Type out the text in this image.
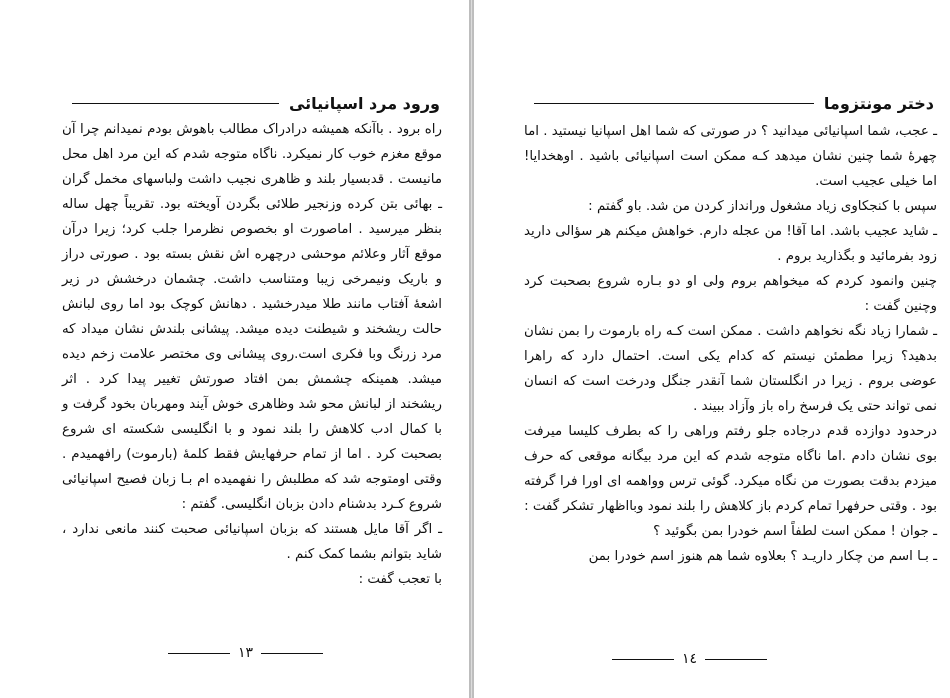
ورود مرد اسپانیائی

راه برود . باآنکه همیشه درادراک مطالب باهوش بودم نمیدانم چرا آن موقع مغزم خوب کار نمیکرد. ناگاه متوجه شدم که این مرد اهل محل مانیست . قدبسیار بلند و ظاهری نجیب داشت ولباسهای مخمل گران ـ بهائی بتن کرده وزنجیر طلائی بگردن آویخته بود. تقریباً چهل ساله بنظر میرسید . اماصورت او بخصوص نظرمرا جلب کرد؛ زیرا درآن موقع آثار وعلائم موحشی درچهره اش نقش بسته بود . صورتی دراز و باریک ونیمرخی زیبا ومتناسب داشت. چشمان درخشش در زیر اشعهٔ آفتاب مانند طلا میدرخشید . دهانش کوچک بود اما روی لبانش حالت ریشخند و شیطنت دیده میشد. پیشانی بلندش نشان میداد که مرد زرنگ وبا فکری است.روی پیشانی وی مختصر علامت زخم دیده میشد. همینکه چشمش بمن افتاد صورتش تغییر پیدا کرد . اثر ریشخند از لبانش محو شد وظاهری خوش آیند ومهربان بخود گرفت و با کمال ادب کلاهش را بلند نمود و با انگلیسی شکسته ای شروع بصحبت کرد . اما از تمام حرفهایش فقط کلمهٔ (بارموت) رافهمیدم . وقتی اومتوجه شد که مطلبش را نفهمیده ام بـا زبان فصیح اسپانیائی شروع کـرد بدشنام دادن بزبان انگلیسی. گفتم :

ـ اگر آقا مایل هستند که بزبان اسپانیائی صحبت کنند مانعی ندارد ، شاید بتوانم بشما کمک کنم .

با تعجب گفت :

۱۳
دختر مونتزوما

ـ عجب، شما اسپانیائی میدانید ؟ در صورتی که شما اهل اسپانیا نیستید . اما چهرهٔ شما چنین نشان میدهد کـه ممکن است اسپانیائی باشید . اوهخدایا! اما خیلی عجیب است.

سپس با کنجکاوی زیاد مشغول ورانداز کردن من شد. باو گفتم :

ـ شاید عجیب باشد. اما آقا! من عجله دارم. خواهش میکنم هر سؤالی دارید زود بفرمائید و بگذارید بروم .

چنین وانمود کردم که میخواهم بروم ولی او دو بـاره شروع بصحبت کرد وچنین گفت :

ـ شمارا زیاد نگه نخواهم داشت . ممکن است کـه راه بارموت را بمن نشان بدهید؟ زیرا مطمئن نیستم که کدام یکی است. احتمال دارد که راهرا عوضی بروم . زیرا در انگلستان شما آنقدر جنگل ودرخت است که انسان نمی تواند حتی یک فرسخ راه باز وآزاد ببیند .

درحدود دوازده قدم درجاده جلو رفتم وراهی را که بطرف کلیسا میرفت بوی نشان دادم .اما ناگاه متوجه شدم که این مرد بیگانه موقعی که حرف میزدم بدقت بصورت من نگاه میکرد. گوئی ترس وواهمه ای اورا فرا گرفته بود . وقتی حرفهرا تمام کردم باز کلاهش را بلند نمود وبااظهار تشکر گفت :

ـ جوان ! ممکن است لطفاً اسم خودرا بمن بگوئید ؟

ـ بـا اسم من چکار داریـد ؟ بعلاوه شما هم هنوز اسم خودرا بمن

۱٤
